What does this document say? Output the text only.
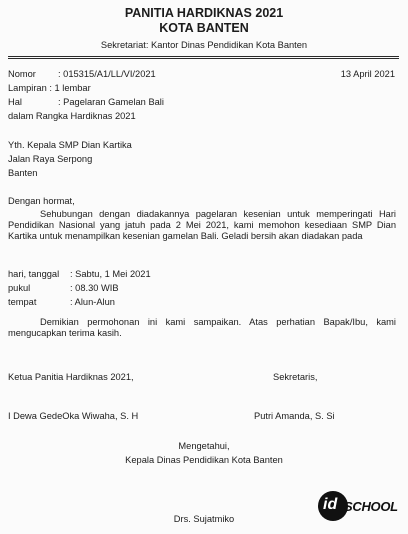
PANITIA HARDIKNAS 2021
KOTA BANTEN
Sekretariat: Kantor Dinas Pendidikan Kota Banten
Nomor : 015315/A1/LL/VI/2021	13 April 2021
Lampiran : 1 lembar
Hal	: Pagelaran Gamelan Bali
dalam Rangka Hardiknas 2021
Yth. Kepala SMP Dian Kartika
Jalan Raya Serpong
Banten
Dengan hormat,

Sehubungan dengan diadakannya pagelaran kesenian untuk memperingati Hari Pendidikan Nasional yang jatuh pada 2 Mei 2021, kami memohon kesediaan SMP Dian Kartika untuk menampilkan kesenian gamelan Bali. Geladi bersih akan diadakan pada

hari, tanggal : Sabtu, 1 Mei 2021
pukul	: 08.30 WIB
tempat	: Alun-Alun

Demikian permohonan ini kami sampaikan. Atas perhatian Bapak/Ibu, kami mengucapkan terima kasih.

Ketua Panitia Hardiknas 2021,	Sekretaris,
I Dewa GedeOka Wiwaha, S. H	Putri Amanda, S. Si
Mengetahui,
Kepala Dinas Pendidikan Kota Banten
Drs. Sujatmiko
id SCHOOL
